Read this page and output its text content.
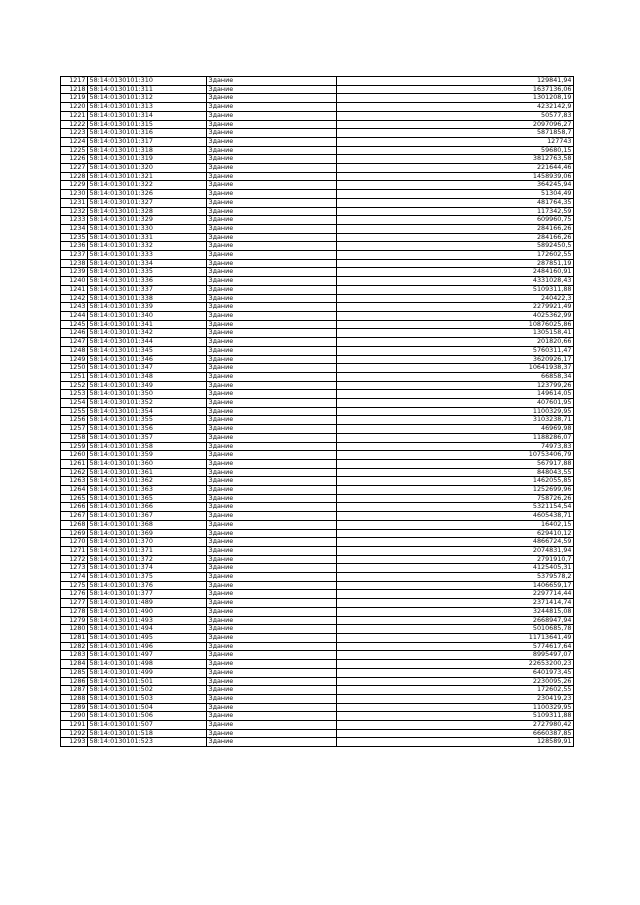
1217	58:14:0130101:310	Здание	129841,94
1218	58:14:0130101:311	Здание	1637136,06
1219	58:14:0130101:312	Здание	1301208,19
1220	58:14:0130101:313	Здание	4232142,9
1221	58:14:0130101:314	Здание	50577,83
1222	58:14:0130101:315	Здание	2097096,27
1223	58:14:0130101:316	Здание	5871858,7
1224	58:14:0130101:317	Здание	127743
1225	58:14:0130101:318	Здание	59680,15
1226	58:14:0130101:319	Здание	3812763,58
1227	58:14:0130101:320	Здание	221644,46
1228	58:14:0130101:321	Здание	1458939,06
1229	58:14:0130101:322	Здание	364245,94
1230	58:14:0130101:326	Здание	51304,49
1231	58:14:0130101:327	Здание	481764,35
1232	58:14:0130101:328	Здание	117342,59
1233	58:14:0130101:329	Здание	609960,75
1234	58:14:0130101:330	Здание	284166,26
1235	58:14:0130101:331	Здание	284166,26
1236	58:14:0130101:332	Здание	5892450,5
1237	58:14:0130101:333	Здание	172602,55
1238	58:14:0130101:334	Здание	287851,19
1239	58:14:0130101:335	Здание	2484160,91
1240	58:14:0130101:336	Здание	4331028,43
1241	58:14:0130101:337	Здание	5109311,88
1242	58:14:0130101:338	Здание	240422,3
1243	58:14:0130101:339	Здание	2279921,49
1244	58:14:0130101:340	Здание	4025362,99
1245	58:14:0130101:341	Здание	10876025,86
1246	58:14:0130101:342	Здание	1305158,41
1247	58:14:0130101:344	Здание	201820,66
1248	58:14:0130101:345	Здание	5760311,47
1249	58:14:0130101:346	Здание	3620926,17
1250	58:14:0130101:347	Здание	10641938,37
1251	58:14:0130101:348	Здание	66858,34
1252	58:14:0130101:349	Здание	123799,26
1253	58:14:0130101:350	Здание	149614,05
1254	58:14:0130101:352	Здание	407601,95
1255	58:14:0130101:354	Здание	1100329,95
1256	58:14:0130101:355	Здание	3103238,71
1257	58:14:0130101:356	Здание	46969,98
1258	58:14:0130101:357	Здание	1188286,07
1259	58:14:0130101:358	Здание	74973,83
1260	58:14:0130101:359	Здание	10753406,79
1261	58:14:0130101:360	Здание	567917,88
1262	58:14:0130101:361	Здание	848043,55
1263	58:14:0130101:362	Здание	1462055,85
1264	58:14:0130101:363	Здание	1252699,96
1265	58:14:0130101:365	Здание	758726,26
1266	58:14:0130101:366	Здание	5321154,54
1267	58:14:0130101:367	Здание	4605438,71
1268	58:14:0130101:368	Здание	16402,15
1269	58:14:0130101:369	Здание	629410,12
1270	58:14:0130101:370	Здание	4866724,59
1271	58:14:0130101:371	Здание	2074831,94
1272	58:14:0130101:372	Здание	2791910,7
1273	58:14:0130101:374	Здание	4125405,31
1274	58:14:0130101:375	Здание	5379578,2
1275	58:14:0130101:376	Здание	1406659,17
1276	58:14:0130101:377	Здание	2297714,44
1277	58:14:0130101:489	Здание	2371414,74
1278	58:14:0130101:490	Здание	3244815,08
1279	58:14:0130101:493	Здание	2668947,94
1280	58:14:0130101:494	Здание	5010685,78
1281	58:14:0130101:495	Здание	11713641,49
1282	58:14:0130101:496	Здание	5774617,64
1283	58:14:0130101:497	Здание	8995497,07
1284	58:14:0130101:498	Здание	22653200,23
1285	58:14:0130101:499	Здание	6401973,45
1286	58:14:0130101:501	Здание	2230095,26
1287	58:14:0130101:502	Здание	172602,55
1288	58:14:0130101:503	Здание	230419,23
1289	58:14:0130101:504	Здание	1100329,95
1290	58:14:0130101:506	Здание	5109311,88
1291	58:14:0130101:507	Здание	2727980,42
1292	58:14:0130101:518	Здание	6660387,85
1293	58:14:0130101:523	Здание	128589,91
